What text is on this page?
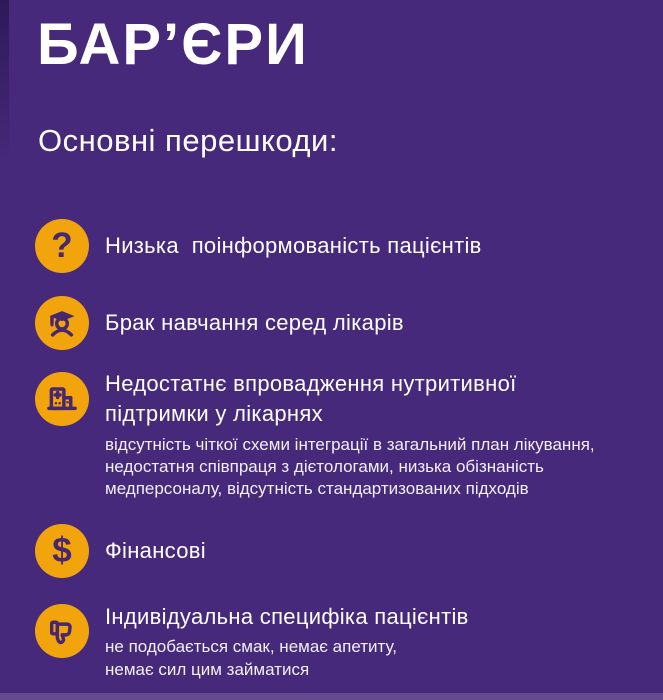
БАР’ЄРИ
Основні перешкоди:
? Низька  поінформованість пацієнтів
Брак навчання серед лікарів
Недостатнє впровадження нутритивної підтримки у лікарнях
відсутність чіткої схеми інтеграції в загальний план лікування,
недостатня співпраця з дієтологами, низька обізнаність
медперсоналу, відсутність стандартизованих підходів
$ Фінансові
Індивідуальна специфіка пацієнтів
не подобається смак, немає апетиту,
немає сил цим займатися
